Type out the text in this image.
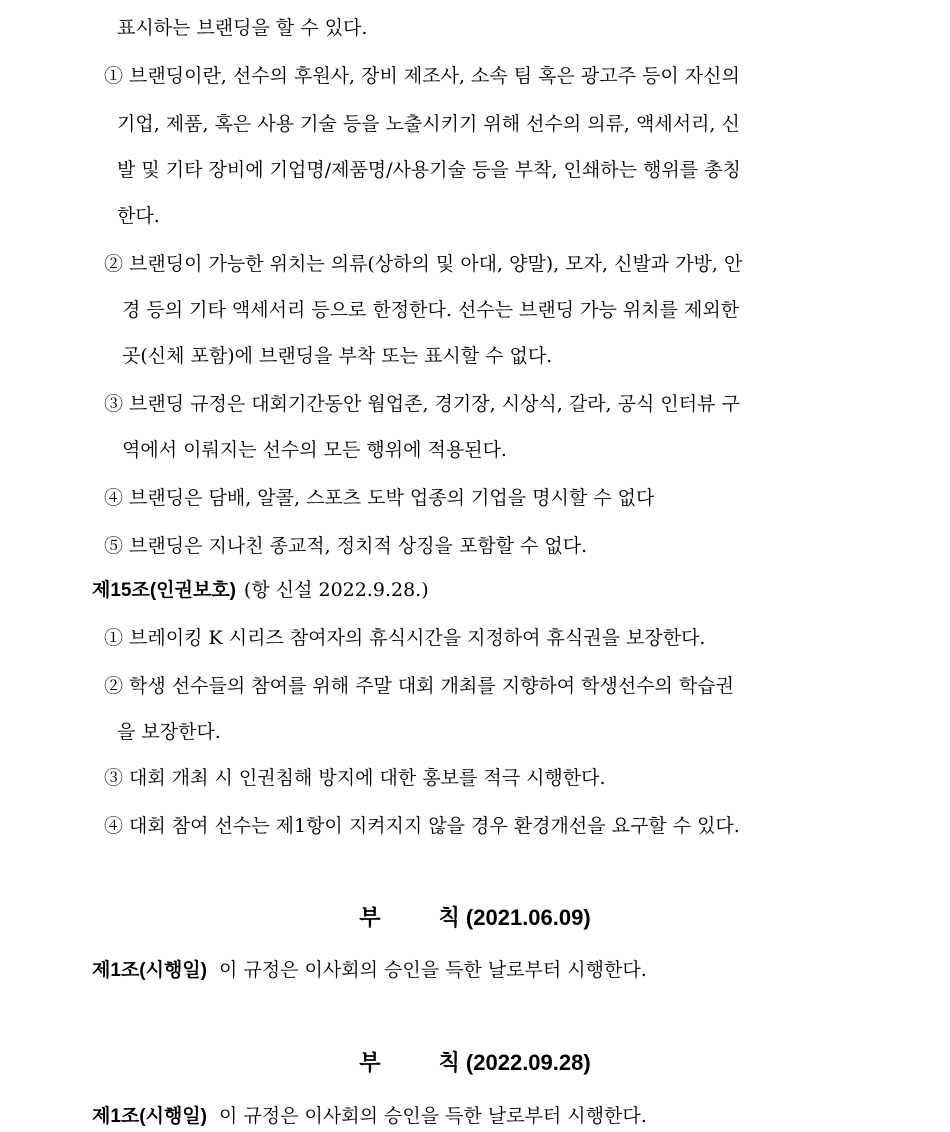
표시하는 브랜딩을 할 수 있다.
① 브랜딩이란, 선수의 후원사, 장비 제조사, 소속 팀 혹은 광고주 등이 자신의
기업, 제품, 혹은 사용 기술 등을 노출시키기 위해 선수의 의류, 액세서리, 신
발 및 기타 장비에 기업명/제품명/사용기술 등을 부착, 인쇄하는 행위를 총칭
한다.
② 브랜딩이 가능한 위치는 의류(상하의 및 아대, 양말), 모자, 신발과 가방, 안
경 등의 기타 액세서리 등으로 한정한다. 선수는 브랜딩 가능 위치를 제외한
곳(신체 포함)에 브랜딩을 부착 또는 표시할 수 없다.
③ 브랜딩 규정은 대회기간동안 웜업존, 경기장, 시상식, 갈라, 공식 인터뷰 구
역에서 이뤄지는 선수의 모든 행위에 적용된다.
④ 브랜딩은 담배, 알콜, 스포츠 도박 업종의 기업을 명시할 수 없다
⑤ 브랜딩은 지나친 종교적, 정치적 상징을 포함할 수 없다.
제15조(인권보호) (항 신설 2022.9.28.)
① 브레이킹 K 시리즈 참여자의 휴식시간을 지정하여 휴식권을 보장한다.
② 학생 선수들의 참여를 위해 주말 대회 개최를 지향하여 학생선수의 학습권
을 보장한다.
③ 대회 개최 시 인권침해 방지에 대한 홍보를 적극 시행한다.
④ 대회 참여 선수는 제1항이 지켜지지 않을 경우 환경개선을 요구할 수 있다.
부	칙 (2021.06.09)
제1조(시행일) 이 규정은 이사회의 승인을 득한 날로부터 시행한다.
부	칙 (2022.09.28)
제1조(시행일) 이 규정은 이사회의 승인을 득한 날로부터 시행한다.
